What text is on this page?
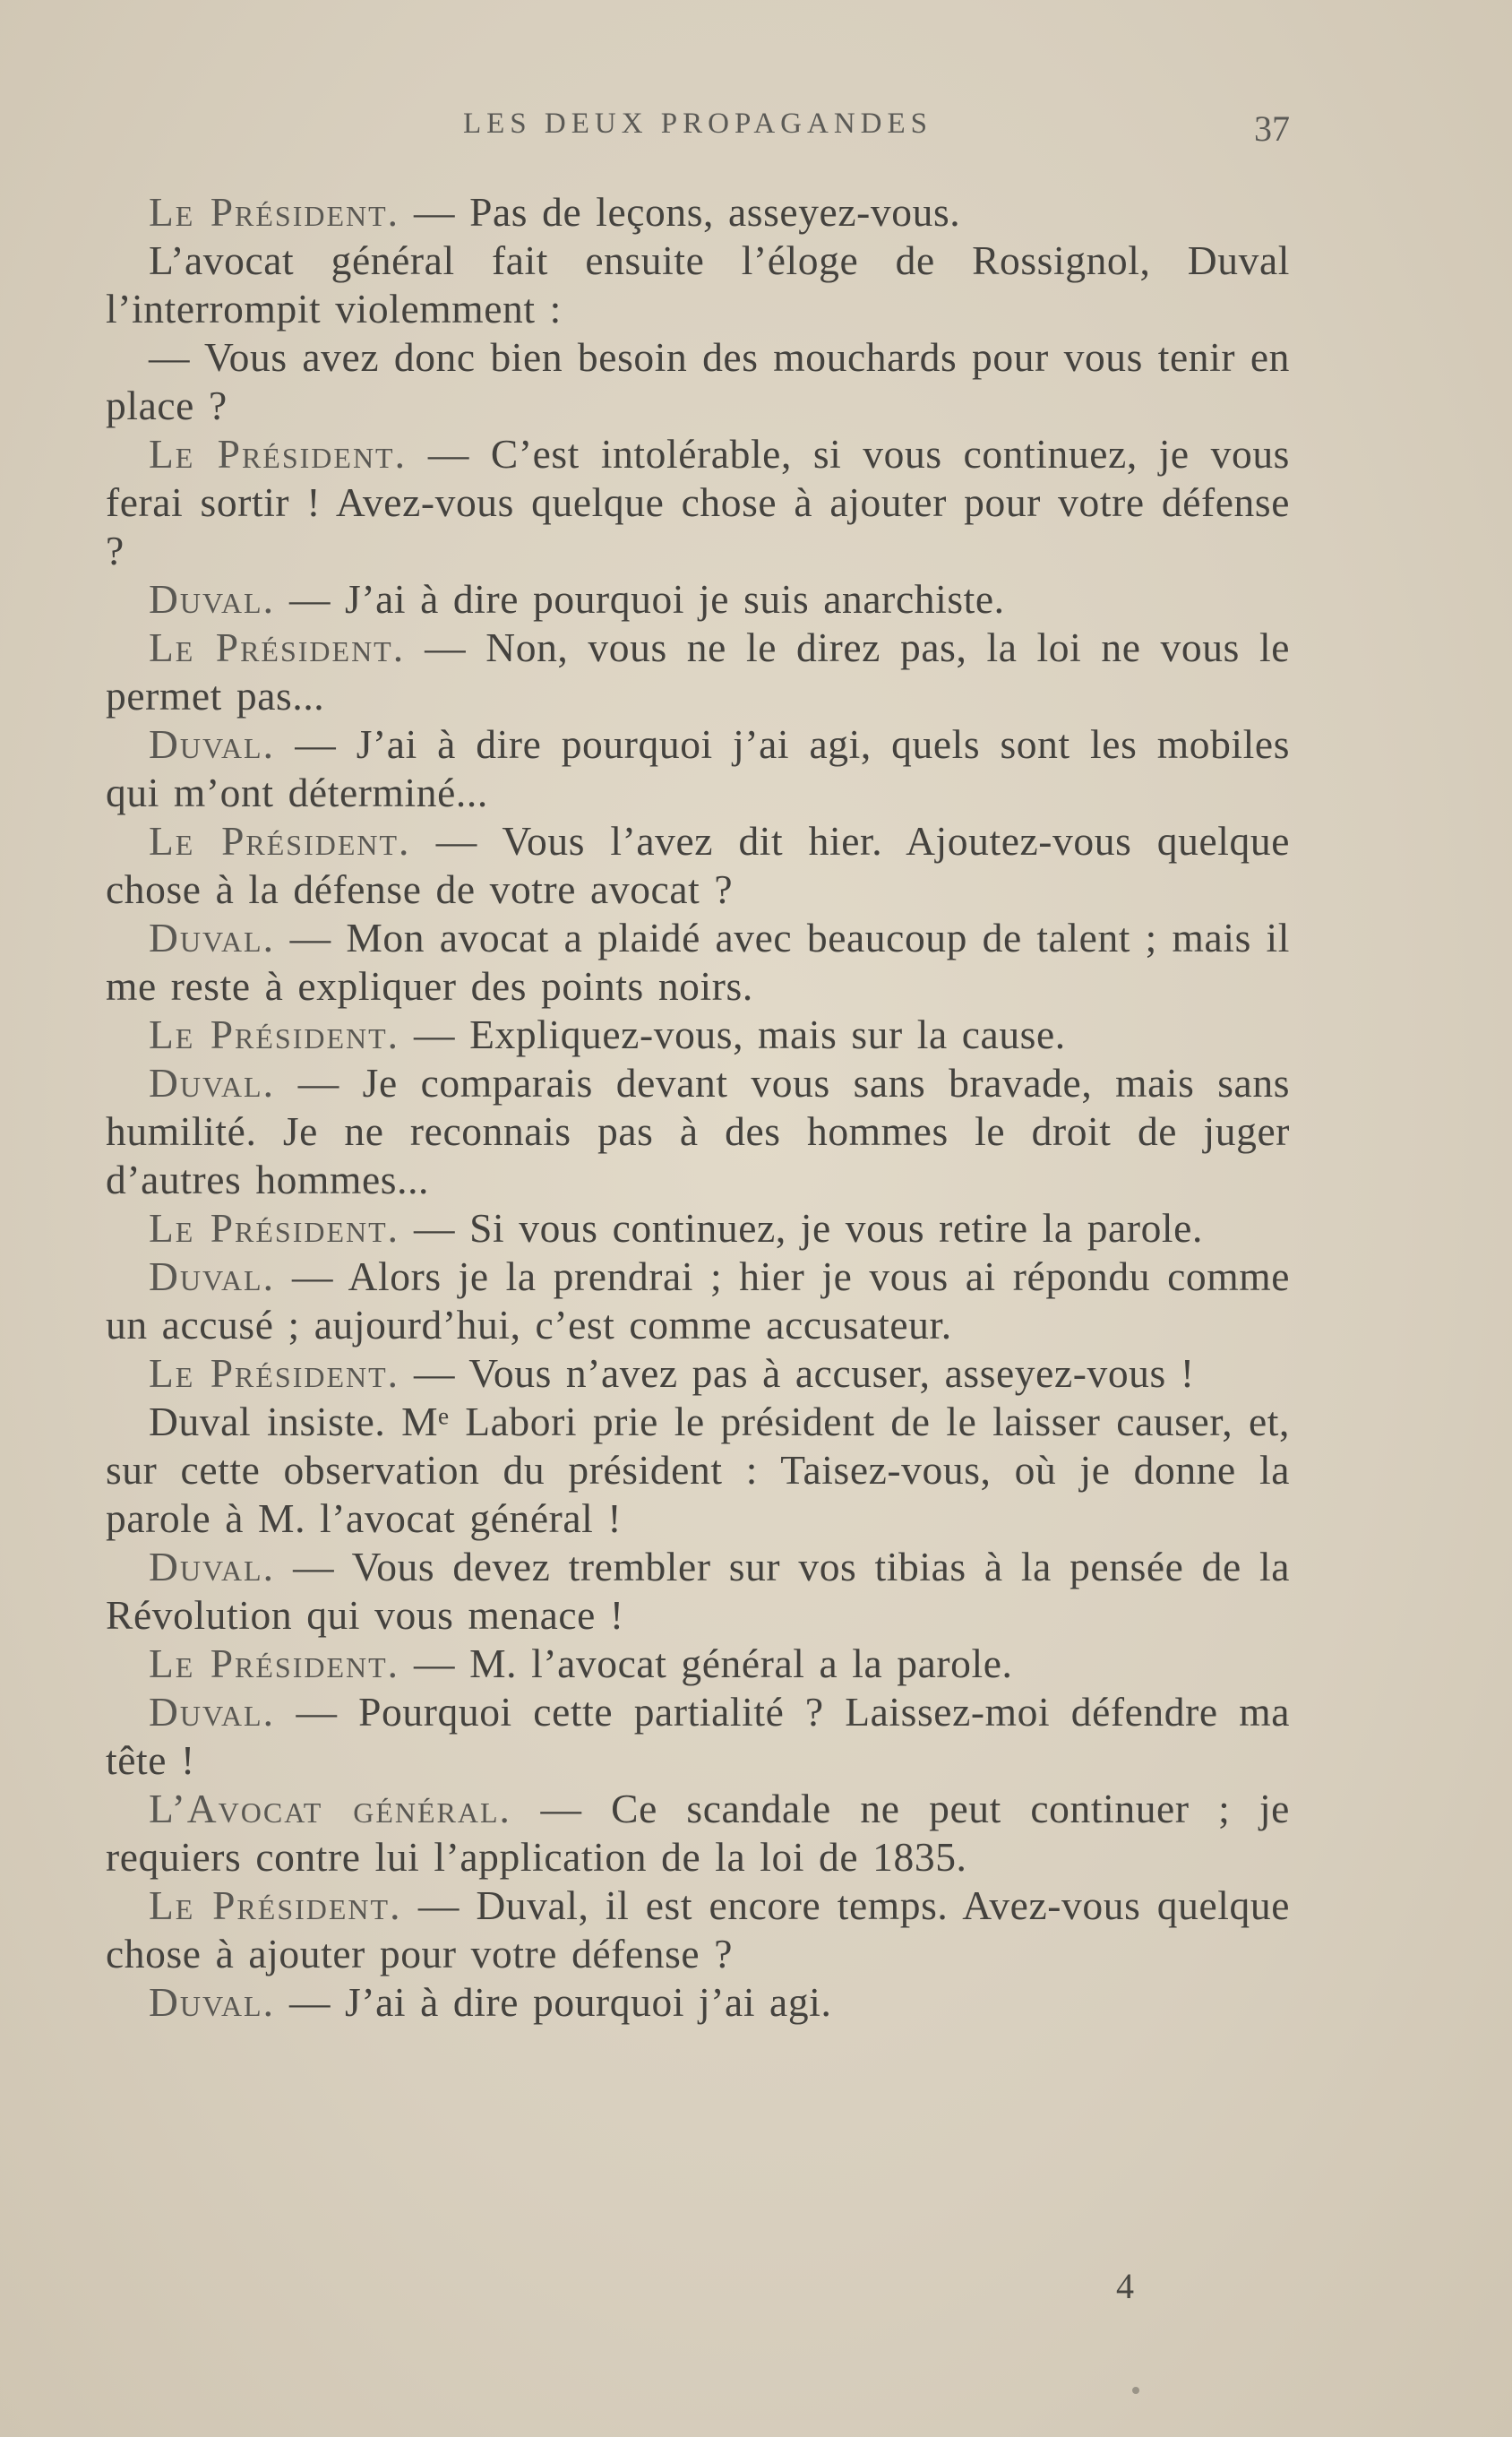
LES DEUX PROPAGANDES	37

Le Président. — Pas de leçons, asseyez-vous.

L’avocat général fait ensuite l’éloge de Rossignol, Duval l’interrompit violemment :

— Vous avez donc bien besoin des mouchards pour vous tenir en place ?

Le Président. — C’est intolérable, si vous continuez, je vous ferai sortir ! Avez-vous quelque chose à ajouter pour votre défense ?

Duval. — J’ai à dire pourquoi je suis anarchiste.

Le Président. — Non, vous ne le direz pas, la loi ne vous le permet pas...

Duval. — J’ai à dire pourquoi j’ai agi, quels sont les mobiles qui m’ont déterminé...

Le Président. — Vous l’avez dit hier. Ajoutez-vous quelque chose à la défense de votre avocat ?

Duval. — Mon avocat a plaidé avec beaucoup de talent ; mais il me reste à expliquer des points noirs.

Le Président. — Expliquez-vous, mais sur la cause.

Duval. — Je comparais devant vous sans bravade, mais sans humilité. Je ne reconnais pas à des hommes le droit de juger d’autres hommes...

Le Président. — Si vous continuez, je vous retire la parole.

Duval. — Alors je la prendrai ; hier je vous ai répondu comme un accusé ; aujourd’hui, c’est comme accusateur.

Le Président. — Vous n’avez pas à accuser, asseyez-vous !

Duval insiste. Mᵉ Labori prie le président de le laisser causer, et, sur cette observation du président : Taisez-vous, où je donne la parole à M. l’avocat général !

Duval. — Vous devez trembler sur vos tibias à la pensée de la Révolution qui vous menace !

Le Président. — M. l’avocat général a la parole.

Duval. — Pourquoi cette partialité ? Laissez-moi défendre ma tête !

L’Avocat général. — Ce scandale ne peut continuer ; je requiers contre lui l’application de la loi de 1835.

Le Président. — Duval, il est encore temps. Avez-vous quelque chose à ajouter pour votre défense ?

Duval. — J’ai à dire pourquoi j’ai agi.

4
